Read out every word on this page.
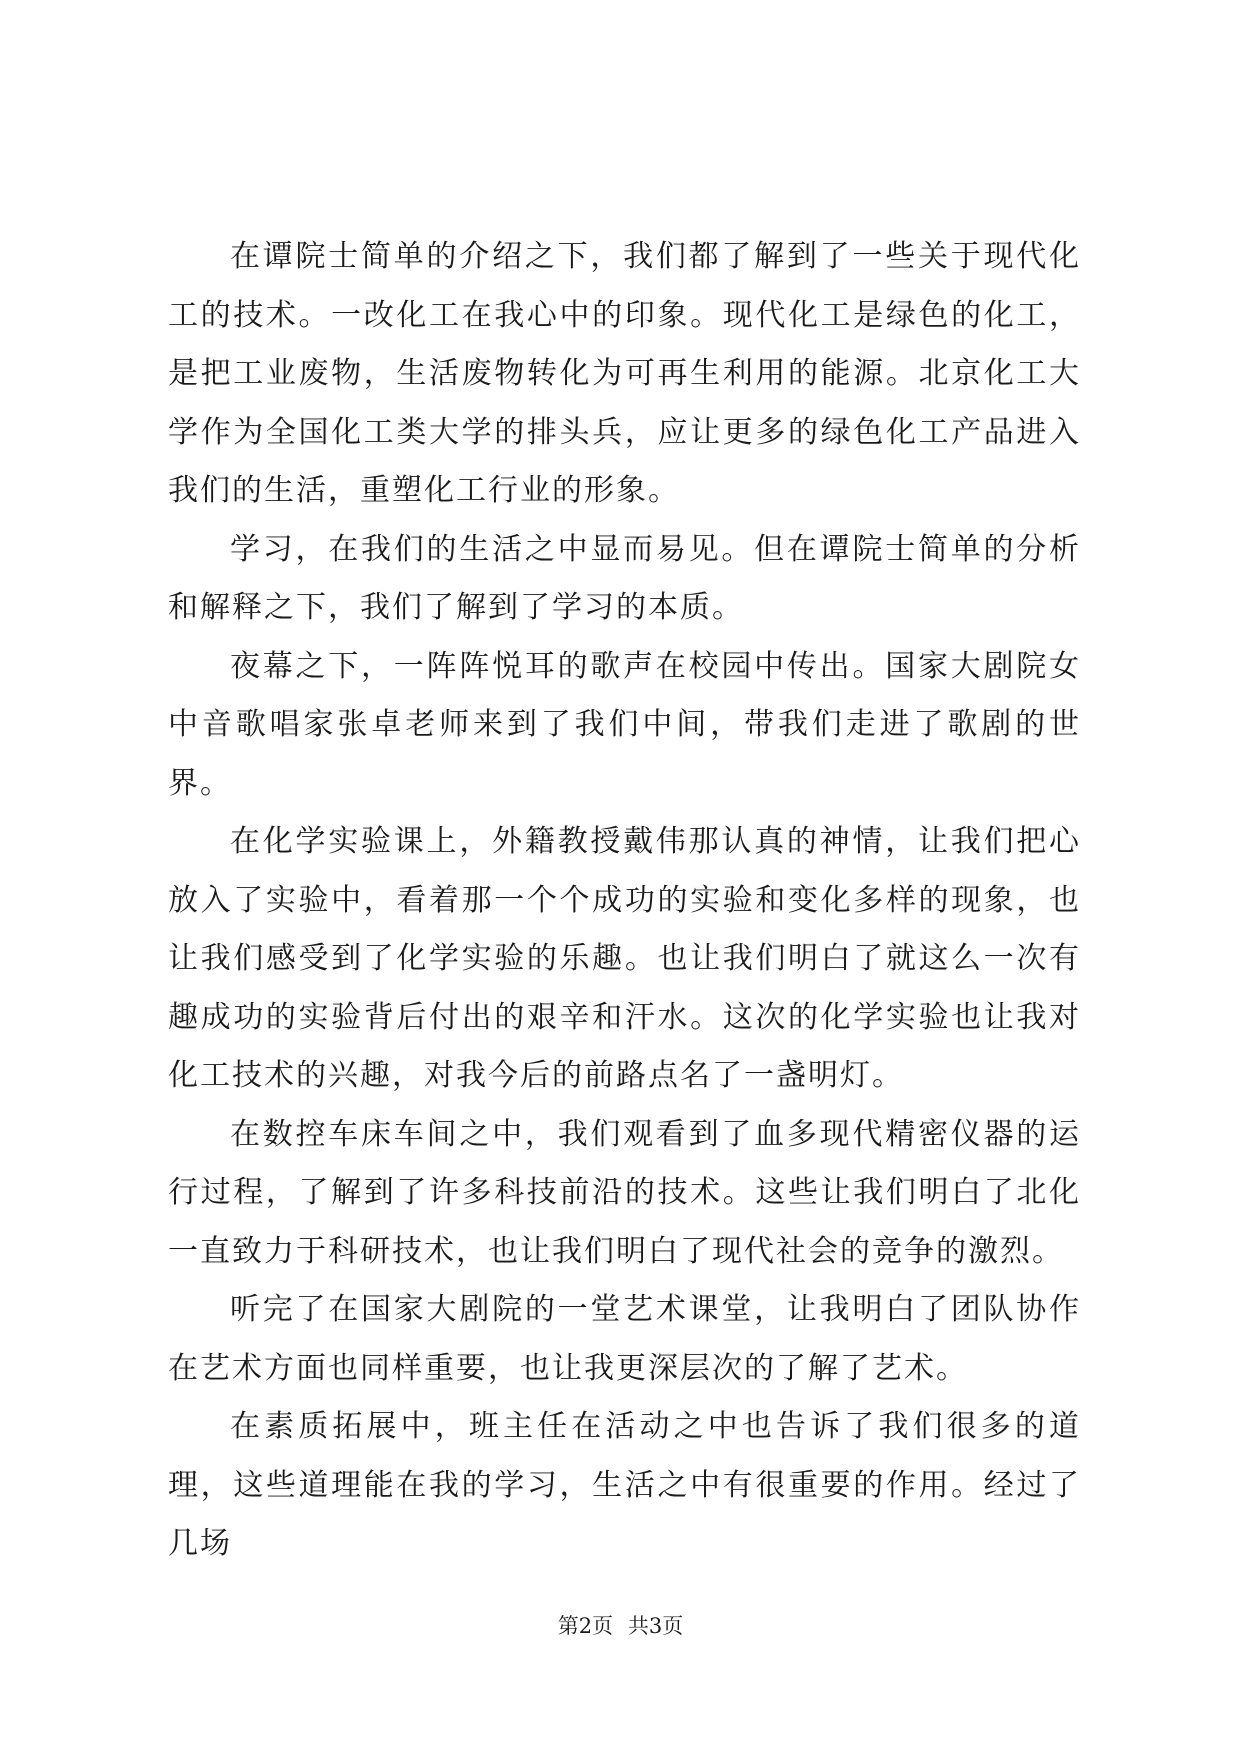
在谭院士简单的介绍之下，我们都了解到了一些关于现代化工的技术。一改化工在我心中的印象。现代化工是绿色的化工，是把工业废物，生活废物转化为可再生利用的能源。北京化工大学作为全国化工类大学的排头兵，应让更多的绿色化工产品进入我们的生活，重塑化工行业的形象。

学习，在我们的生活之中显而易见。但在谭院士简单的分析和解释之下，我们了解到了学习的本质。

夜幕之下，一阵阵悦耳的歌声在校园中传出。国家大剧院女中音歌唱家张卓老师来到了我们中间，带我们走进了歌剧的世界。

在化学实验课上，外籍教授戴伟那认真的神情，让我们把心放入了实验中，看着那一个个成功的实验和变化多样的现象，也让我们感受到了化学实验的乐趣。也让我们明白了就这么一次有趣成功的实验背后付出的艰辛和汗水。这次的化学实验也让我对化工技术的兴趣，对我今后的前路点名了一盏明灯。

在数控车床车间之中，我们观看到了血多现代精密仪器的运行过程，了解到了许多科技前沿的技术。这些让我们明白了北化一直致力于科研技术，也让我们明白了现代社会的竞争的激烈。

听完了在国家大剧院的一堂艺术课堂，让我明白了团队协作在艺术方面也同样重要，也让我更深层次的了解了艺术。

在素质拓展中，班主任在活动之中也告诉了我们很多的道理，这些道理能在我的学习，生活之中有很重要的作用。经过了几场

第2页 共3页
